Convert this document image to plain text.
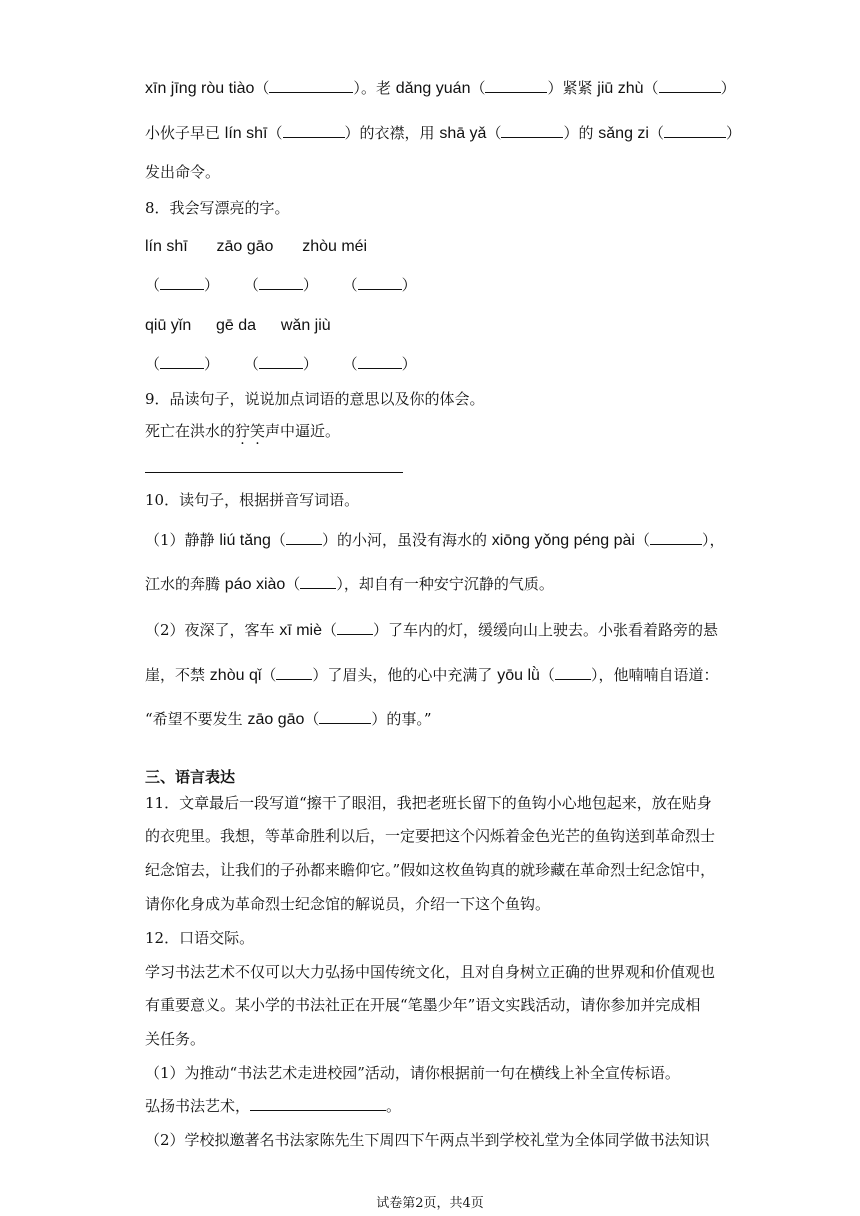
xīn jīng ròu tiào（	）。老 dǎng yuán（	）紧紧 jiū zhù（	）
小伙子早已 lín shī（	）的衣襟，用 shā yǎ（	）的 sǎng zi（	）
发出命令。
8．我会写漂亮的字。
lín shī zāo gāo zhòu méi
（	） （	） （	）
qiū yǐn gē da wǎn jiù
（	） （	） （	）
9．品读句子，说说加点词语的意思以及你的体会。
死亡在洪水的狞笑声中逼近。
10．读句子，根据拼音写词语。
（1）静静 liú tǎng（ ）的小河，虽没有海水的 xiōng yǒng péng pài（	），
江水的奔腾 páo xiào（ ），却自有一种安宁沉静的气质。
（2）夜深了，客车 xī miè（ ）了车内的灯，缓缓向山上驶去。小张看着路旁的悬
崖，不禁 zhòu qǐ（ ）了眉头，他的心中充满了 yōu lǜ（ ），他喃喃自语道：
“希望不要发生 zāo gāo（	）的事。”
三、语言表达
11．文章最后一段写道“擦干了眼泪，我把老班长留下的鱼钩小心地包起来，放在贴身
的衣兜里。我想，等革命胜利以后，一定要把这个闪烁着金色光芒的鱼钩送到革命烈士
纪念馆去，让我们的子孙都来瞻仰它。”假如这枚鱼钩真的就珍藏在革命烈士纪念馆中，
请你化身成为革命烈士纪念馆的解说员，介绍一下这个鱼钩。
12．口语交际。
学习书法艺术不仅可以大力弘扬中国传统文化，且对自身树立正确的世界观和价值观也
有重要意义。某小学的书法社正在开展“笔墨少年”语文实践活动，请你参加并完成相
关任务。
（1）为推动“书法艺术走进校园”活动，请你根据前一句在横线上补全宣传标语。
弘扬书法艺术，	。
（2）学校拟邀著名书法家陈先生下周四下午两点半到学校礼堂为全体同学做书法知识
试卷第2页，共4页
